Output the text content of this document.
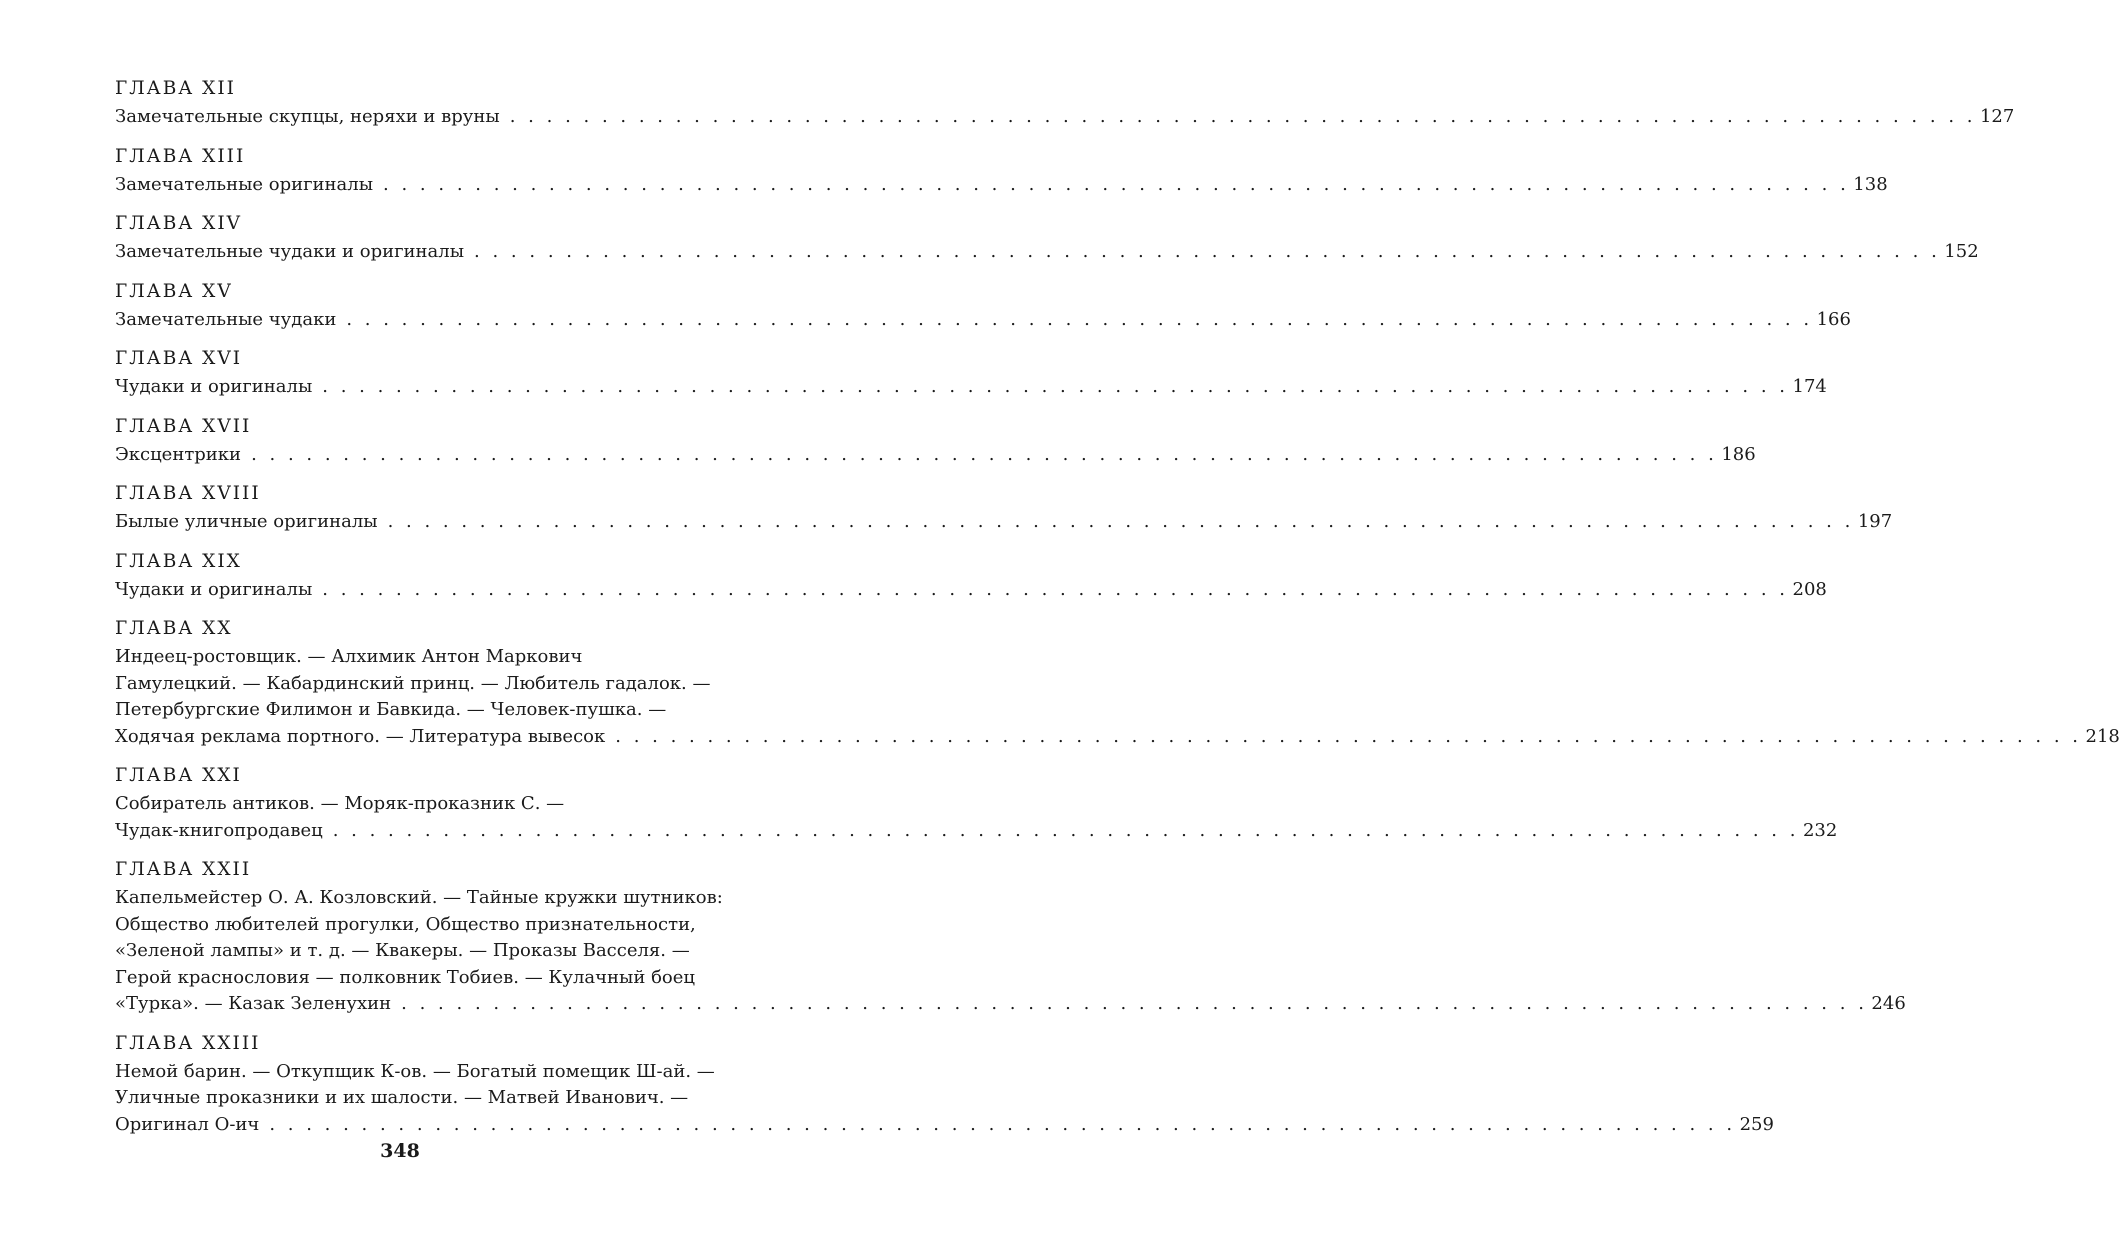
ГЛАВА XII
Замечательные скупцы, неряхи и вруны . . . . . . . . . . . . . . . . . . . . . . . . . . . . . . . . . . . . . . . . . . . . . . . . . . . . . . . . . . . . . . . . . . . . . . . . . . . . . . . . 127
ГЛАВА XIII
Замечательные оригиналы . . . . . . . . . . . . . . . . . . . . . . . . . . . . . . . . . . . . . . . . . . . . . . . . . . . . . . . . . . . . . . . . . . . . . . . . . . . . . . . . 138
ГЛАВА XIV
Замечательные чудаки и оригиналы . . . . . . . . . . . . . . . . . . . . . . . . . . . . . . . . . . . . . . . . . . . . . . . . . . . . . . . . . . . . . . . . . . . . . . . . . . . . . . . . 152
ГЛАВА XV
Замечательные чудаки . . . . . . . . . . . . . . . . . . . . . . . . . . . . . . . . . . . . . . . . . . . . . . . . . . . . . . . . . . . . . . . . . . . . . . . . . . . . . . . . 166
ГЛАВА XVI
Чудаки и оригиналы . . . . . . . . . . . . . . . . . . . . . . . . . . . . . . . . . . . . . . . . . . . . . . . . . . . . . . . . . . . . . . . . . . . . . . . . . . . . . . . . 174
ГЛАВА XVII
Эксцентрики . . . . . . . . . . . . . . . . . . . . . . . . . . . . . . . . . . . . . . . . . . . . . . . . . . . . . . . . . . . . . . . . . . . . . . . . . . . . . . . . 186
ГЛАВА XVIII
Былые уличные оригиналы . . . . . . . . . . . . . . . . . . . . . . . . . . . . . . . . . . . . . . . . . . . . . . . . . . . . . . . . . . . . . . . . . . . . . . . . . . . . . . . . 197
ГЛАВА XIX
Чудаки и оригиналы . . . . . . . . . . . . . . . . . . . . . . . . . . . . . . . . . . . . . . . . . . . . . . . . . . . . . . . . . . . . . . . . . . . . . . . . . . . . . . . . 208
ГЛАВА XX
Индеец-ростовщик. — Алхимик Антон Маркович
Гамулецкий. — Кабардинский принц. — Любитель гадалок. —
Петербургские Филимон и Бавкида. — Человек-пушка. —
Ходячая реклама портного. — Литература вывесок . . . . . . . . . . . . . . . . . . . . . . . . . . . . . . . . . . . . . . . . . . . . . . . . . . . . . . . . . . . . . . . . . . . . . . . . . . . . . . . . 218
ГЛАВА XXI
Собиратель антиков. — Моряк-проказник С. —
Чудак-книгопродавец . . . . . . . . . . . . . . . . . . . . . . . . . . . . . . . . . . . . . . . . . . . . . . . . . . . . . . . . . . . . . . . . . . . . . . . . . . . . . . . . 232
ГЛАВА XXII
Капельмейстер О. А. Козловский. — Тайные кружки шутников:
Общество любителей прогулки, Общество признательности,
«Зеленой лампы» и т. д. — Квакеры. — Проказы Васселя. —
Герой краснословия — полковник Тобиев. — Кулачный боец
«Турка». — Казак Зеленухин . . . . . . . . . . . . . . . . . . . . . . . . . . . . . . . . . . . . . . . . . . . . . . . . . . . . . . . . . . . . . . . . . . . . . . . . . . . . . . . . 246
ГЛАВА XXIII
Немой барин. — Откупщик К-ов. — Богатый помещик Ш-ай. —
Уличные проказники и их шалости. — Матвей Иванович. —
Оригинал О-ич . . . . . . . . . . . . . . . . . . . . . . . . . . . . . . . . . . . . . . . . . . . . . . . . . . . . . . . . . . . . . . . . . . . . . . . . . . . . . . . . 259
348
